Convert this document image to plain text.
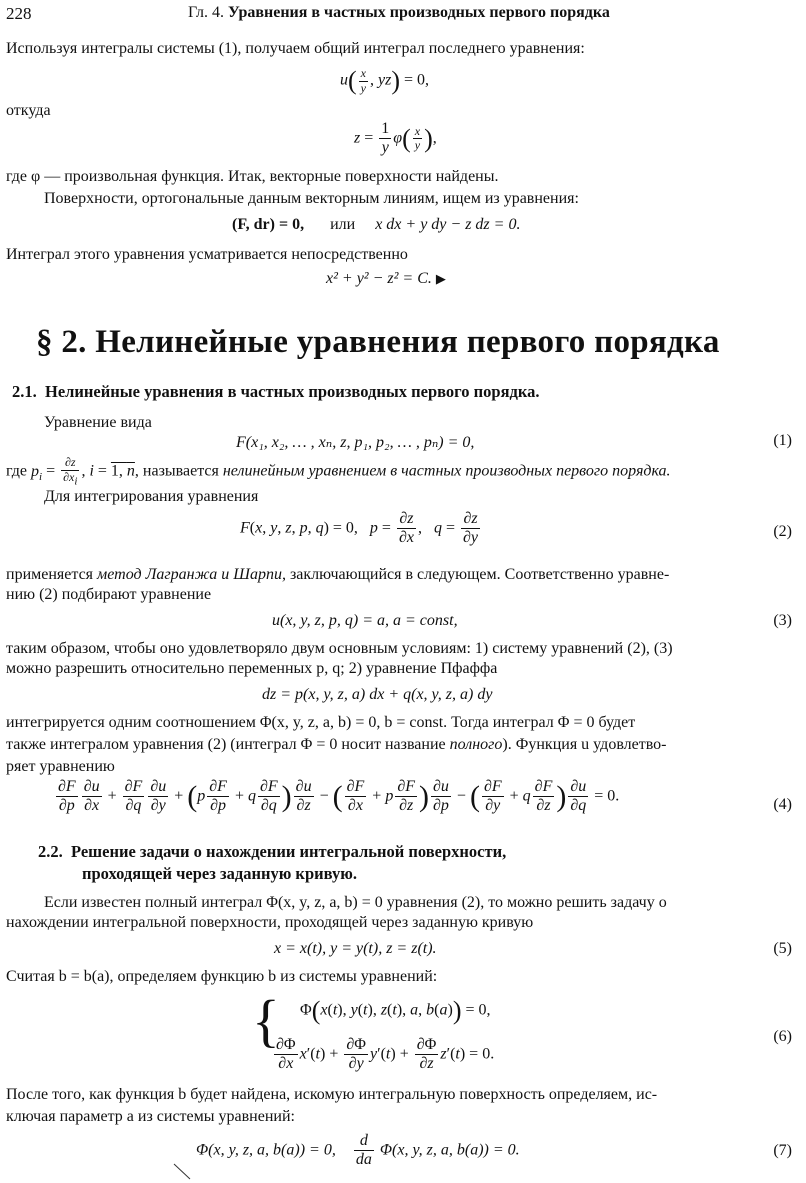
228	Гл. 4. Уравнения в частных производных первого порядка
Используя интегралы системы (1), получаем общий интеграл последнего уравнения:
$u( \frac{x}{y}$ , yz) = 0,
откуда
$z = \frac{1}{y} \varphi( \frac{x}{y}$ ),
где φ — произвольная функция. Итак, векторные поверхности найдены.
Поверхности, ортогональные данным векторным линиям, ищем из уравнения:
(F, dr) = 0, или x dx + y dy − z dz = 0.
Интеграл этого уравнения усматривается непосредственно
x² + y² − z² = C. ▶
§ 2. Нелинейные уравнения первого порядка
2.1. Нелинейные уравнения в частных производных первого порядка.
Уравнение вида
F(x₁, x₂, … , xₙ, z, p₁, p₂, … , pₙ) = 0,	(1)
где $p_i = \frac{\partial z}{\partial x_i}$ , i = 1, n, называется нелинейным уравнением в частных производных первого порядка.
Для интегрирования уравнения
F(x, y, z, p, q) = 0,   $p = \frac{\partial z}{\partial x}$ ,   $q = \frac{\partial z}{\partial y}$	(2)
применяется метод Лагранжа и Шарпи, заключающийся в следующем. Соответственно уравне-
нию (2) подбирают уравнение
u(x, y, z, p, q) = a, a = const,	(3)
таким образом, чтобы оно удовлетворяло двум основным условиям: 1) систему уравнений (2), (3)
можно разрешить относительно переменных p, q; 2) уравнение Пфаффа
dz = p(x, y, z, a) dx + q(x, y, z, a) dy
интегрируется одним соотношением Φ(x, y, z, a, b) = 0, b = const. Тогда интеграл Φ = 0 будет
также интегралом уравнения (2) (интеграл Φ = 0 носит название полного). Функция u удовлетво-
ряет уравнению
$\frac{\partial F}{\partial p} \frac{\partial u}{\partial x} + \frac{\partial F}{\partial q} \frac{\partial u}{\partial y} + (p \frac{\partial F}{\partial p} + q \frac{\partial F}{\partial q}$ ) $\frac{\partial u}{\partial z}$ − ( $\frac{\partial F}{\partial x} + p \frac{\partial F}{\partial z}$ ) $\frac{\partial u}{\partial p}$ − ( $\frac{\partial F}{\partial y} + q \frac{\partial F}{\partial z}$ ) $\frac{\partial u}{\partial q} = 0$.	(4)
2.2. Решение задачи о нахождении интегральной поверхности,
проходящей через заданную кривую.
Если известен полный интеграл Φ(x, y, z, a, b) = 0 уравнения (2), то можно решить задачу о
нахождении интегральной поверхности, проходящей через заданную кривую
x = x(t), y = y(t), z = z(t).	(5)
Считая b = b(a), определяем функцию b из системы уравнений:
{ Φ(x(t), y(t), z(t), a, b(a)) = 0,
$\frac{\partial\Phi}{\partial x} x'(t) + \frac{\partial\Phi}{\partial y} y'(t) + \frac{\partial\Phi}{\partial z} z'(t) = 0$.
(6)
После того, как функция b будет найдена, искомую интегральную поверхность определяем, ис-
ключая параметр a из системы уравнений:
Φ(x, y, z, a, b(a)) = 0, $\frac{d}{da} \Phi(x$, y, z, a, b(a)) = 0.	(7)
